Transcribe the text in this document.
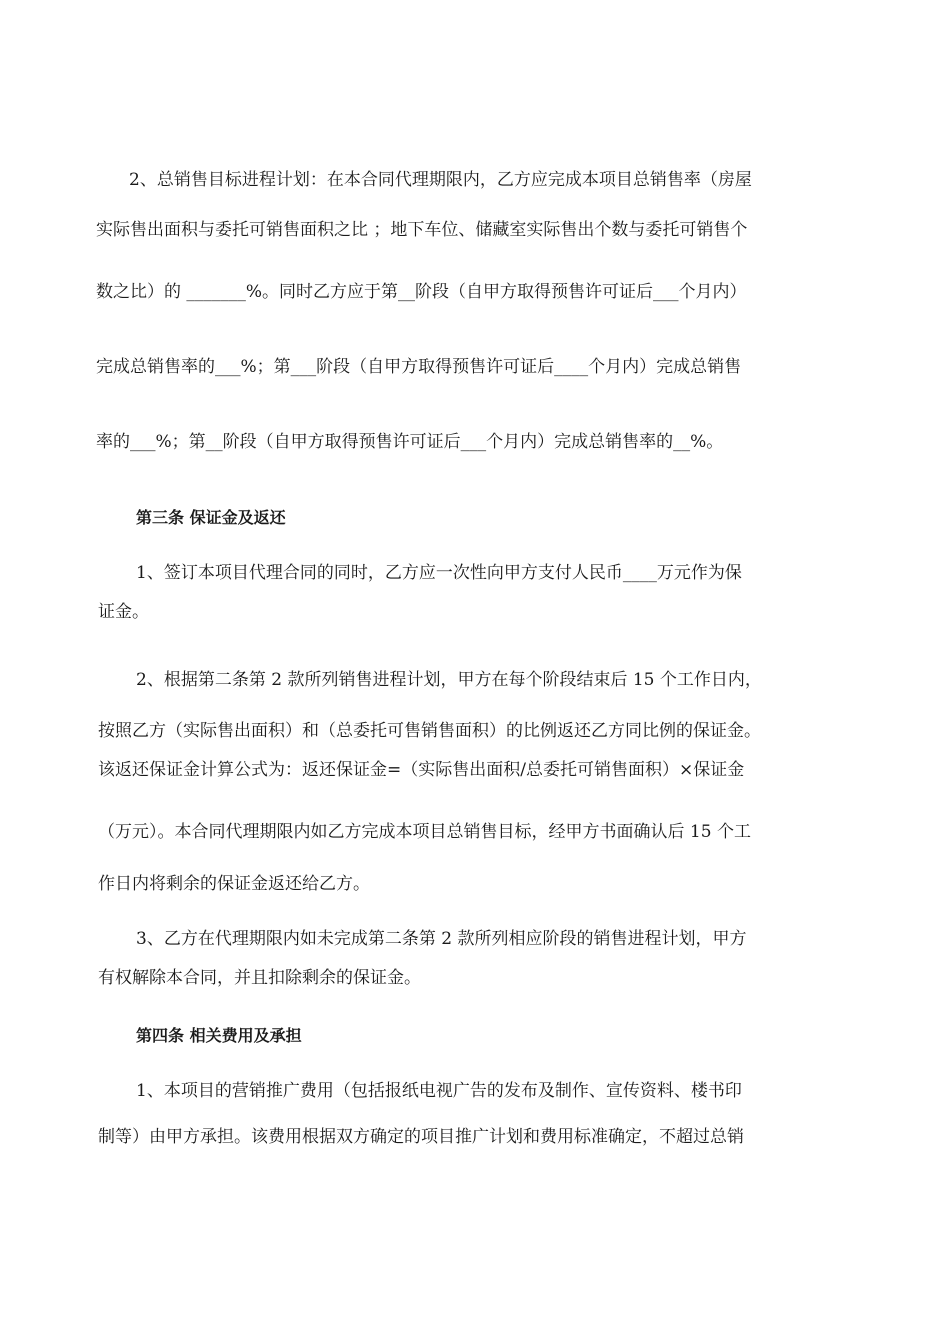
2、总销售目标进程计划：在本合同代理期限内，乙方应完成本项目总销售率（房屋

实际售出面积与委托可销售面积之比 ；地下车位、储藏室实际售出个数与委托可销售个

数之比）的 _______%。同时乙方应于第__阶段（自甲方取得预售许可证后___个月内）

完成总销售率的___%；第___阶段（自甲方取得预售许可证后____个月内）完成总销售

率的___%；第__阶段（自甲方取得预售许可证后___个月内）完成总销售率的__%。

第三条 保证金及返还

1、签订本项目代理合同的同时，乙方应一次性向甲方支付人民币____万元作为保

证金。

2、根据第二条第 2 款所列销售进程计划，甲方在每个阶段结束后 15 个工作日内，

按照乙方（实际售出面积）和（总委托可售销售面积）的比例返还乙方同比例的保证金。

该返还保证金计算公式为：返还保证金=（实际售出面积/总委托可销售面积）×保证金

（万元）。本合同代理期限内如乙方完成本项目总销售目标，经甲方书面确认后 15 个工

作日内将剩余的保证金返还给乙方。

3、乙方在代理期限内如未完成第二条第 2 款所列相应阶段的销售进程计划，甲方

有权解除本合同，并且扣除剩余的保证金。

第四条 相关费用及承担

1、本项目的营销推广费用（包括报纸电视广告的发布及制作、宣传资料、楼书印

制等）由甲方承担。该费用根据双方确定的项目推广计划和费用标准确定，不超过总销
